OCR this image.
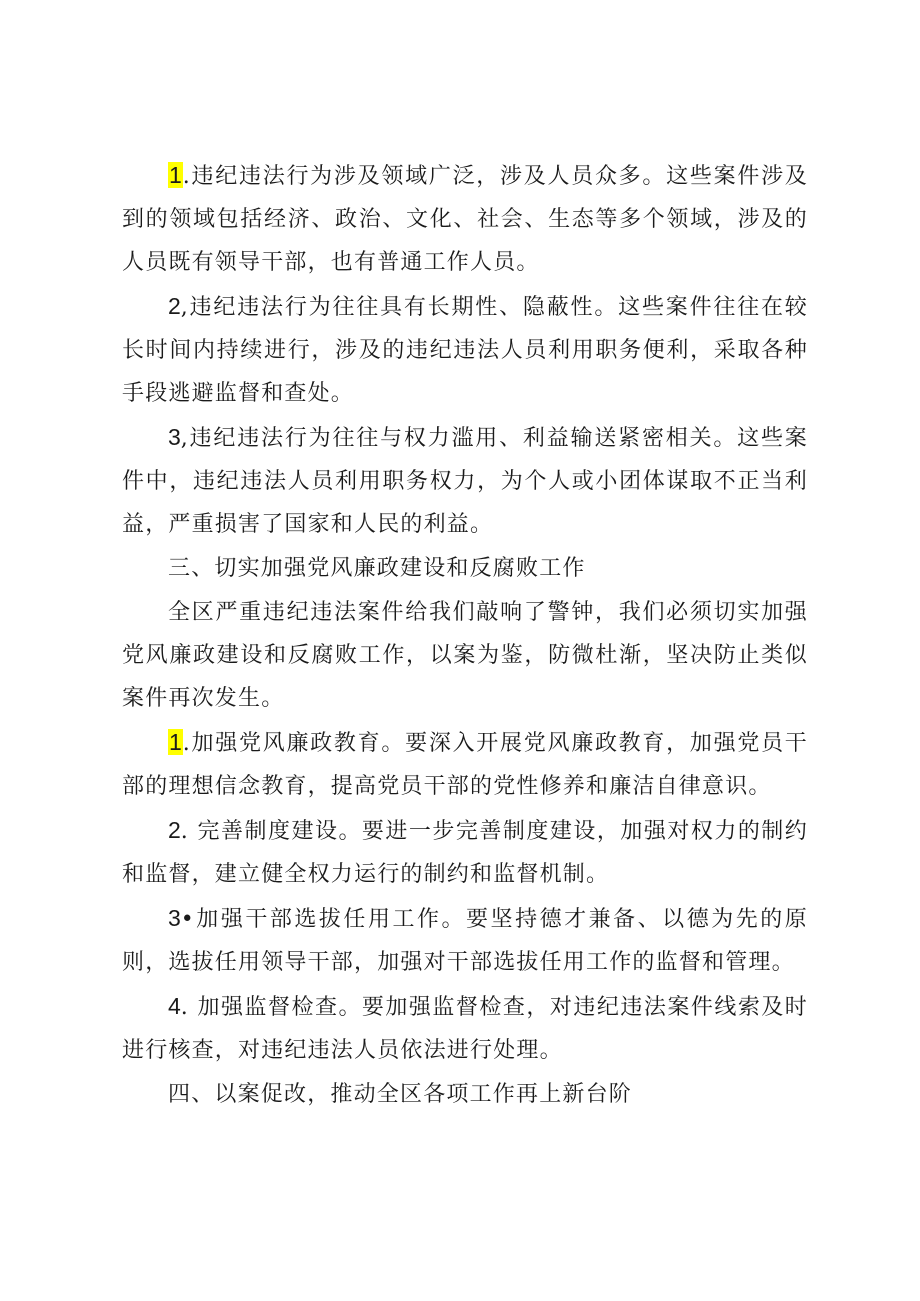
1.违纪违法行为涉及领域广泛，涉及人员众多。这些案件涉及到的领域包括经济、政治、文化、社会、生态等多个领域，涉及的人员既有领导干部，也有普通工作人员。

2,违纪违法行为往往具有长期性、隐蔽性。这些案件往往在较长时间内持续进行，涉及的违纪违法人员利用职务便利，采取各种手段逃避监督和查处。

3,违纪违法行为往往与权力滥用、利益输送紧密相关。这些案件中，违纪违法人员利用职务权力，为个人或小团体谋取不正当利益，严重损害了国家和人民的利益。

三、切实加强党风廉政建设和反腐败工作

全区严重违纪违法案件给我们敲响了警钟，我们必须切实加强党风廉政建设和反腐败工作，以案为鉴，防微杜渐，坚决防止类似案件再次发生。

1.加强党风廉政教育。要深入开展党风廉政教育，加强党员干部的理想信念教育，提高党员干部的党性修养和廉洁自律意识。

2. 完善制度建设。要进一步完善制度建设，加强对权力的制约和监督，建立健全权力运行的制约和监督机制。

3•加强干部选拔任用工作。要坚持德才兼备、以德为先的原则，选拔任用领导干部，加强对干部选拔任用工作的监督和管理。

4. 加强监督检查。要加强监督检查，对违纪违法案件线索及时进行核查，对违纪违法人员依法进行处理。

四、以案促改，推动全区各项工作再上新台阶
